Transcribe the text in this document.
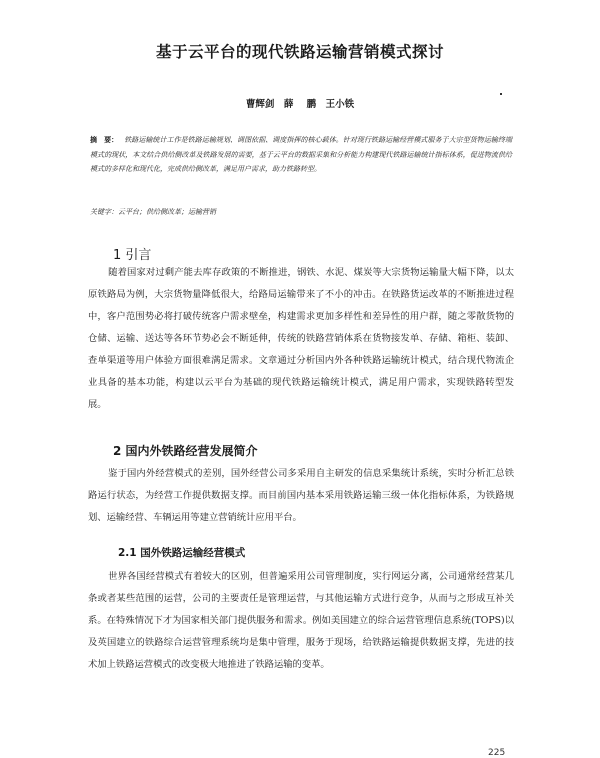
基于云平台的现代铁路运输营销模式探讨
曹辉剑　薛 鹏　王小铁
摘　要： 铁路运输统计工作是铁路运输规划、调图依据、调度指挥的核心载体。针对现行铁路运输经营模式服务于大宗型货物运输终端模式的现状，本文结合供给侧改革及铁路发展的需要，基于云平台的数据采集和分析能力构建现代铁路运输统计指标体系，促进物流供给模式的多样化和现代化，完成供给侧改革，满足用户需求，助力铁路转型。
关键字：云平台；供给侧改革；运输营销
1 引言
随着国家对过剩产能去库存政策的不断推进，钢铁、水泥、煤炭等大宗货物运输量大幅下降，以太原铁路局为例，大宗货物量降低很大，给路局运输带来了不小的冲击。在铁路货运改革的不断推进过程中，客户范围势必将打破传统客户需求壁垒，构建需求更加多样性和差异性的用户群，随之零散货物的仓储、运输、送达等各环节势必会不断延伸，传统的铁路营销体系在货物接发单、存储、箱柜、装卸、查单渠道等用户体验方面很难满足需求。文章通过分析国内外各种铁路运输统计模式，结合现代物流企业具备的基本功能，构建以云平台为基础的现代铁路运输统计模式，满足用户需求，实现铁路转型发展。
2 国内外铁路经营发展简介
鉴于国内外经营模式的差别，国外经营公司多采用自主研发的信息采集统计系统，实时分析汇总铁路运行状态，为经营工作提供数据支撑。而目前国内基本采用铁路运输三级一体化指标体系，为铁路规划、运输经营、车辆运用等建立营销统计应用平台。
2.1 国外铁路运输经营模式
世界各国经营模式有着较大的区别，但普遍采用公司管理制度，实行网运分离，公司通常经营某几条或者某些范围的运营，公司的主要责任是管理运营，与其他运输方式进行竞争，从而与之形成互补关系。在特殊情况下才为国家相关部门提供服务和需求。例如美国建立的综合运营管理信息系统(TOPS)以及英国建立的铁路综合运营管理系统均是集中管理，服务于现场，给铁路运输提供数据支撑，先进的技术加上铁路运营模式的改变极大地推进了铁路运输的变革。
225
